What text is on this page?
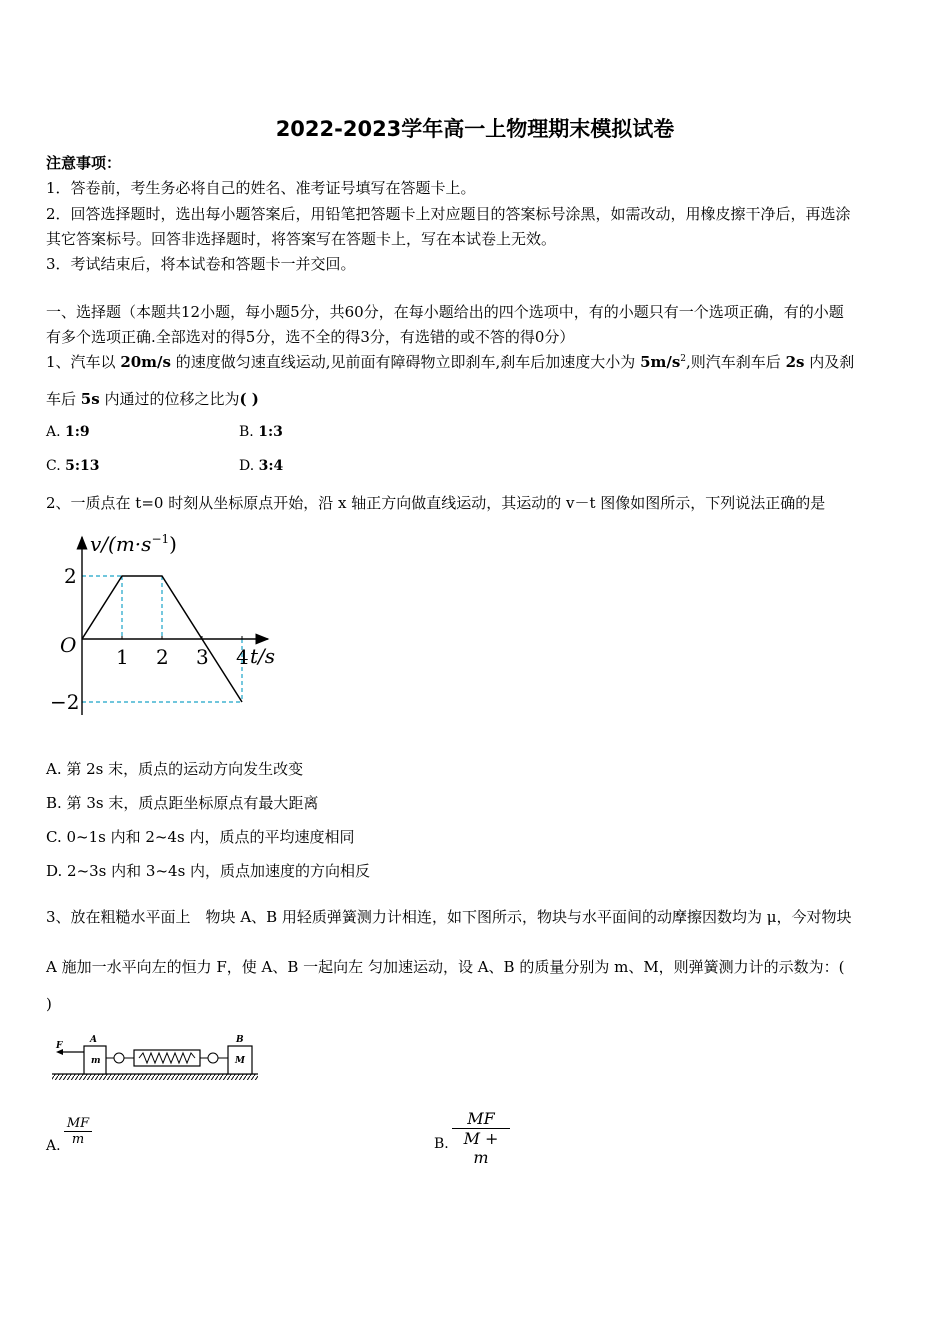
2022-2023学年高一上物理期末模拟试卷
注意事项：
1．答卷前，考生务必将自己的姓名、准考证号填写在答题卡上。
2．回答选择题时，选出每小题答案后，用铅笔把答题卡上对应题目的答案标号涂黑，如需改动，用橡皮擦干净后，再选涂
其它答案标号。回答非选择题时，将答案写在答题卡上，写在本试卷上无效。
3．考试结束后，将本试卷和答题卡一并交回。
一、选择题（本题共12小题，每小题5分，共60分，在每小题给出的四个选项中，有的小题只有一个选项正确，有的小题
有多个选项正确.全部选对的得5分，选不全的得3分，有选错的或不答的得0分）
1、汽车以 20m/s 的速度做匀速直线运动,见前面有障碍物立即刹车,刹车后加速度大小为 $5m/s^2$,则汽车刹车后 2s 内及刹
车后 5s 内通过的位移之比为( )
A. 1:9	B. 1:3
C. 5:13	D. 3:4
2、一质点在 t=0 时刻从坐标原点开始，沿 x 轴正方向做直线运动，其运动的 v－t 图像如图所示，下列说法正确的是
$v/(m\cdot s^{-1})$
O	t/s
1 2 3 4
2
−2
A. 第 2s 末，质点的运动方向发生改变
B. 第 3s 末，质点距坐标原点有最大距离
C. 0~1s 内和 2~4s 内，质点的平均速度相同
D. 2~3s 内和 3~4s 内，质点加速度的方向相反
3、放在粗糙水平面上　物块 A、B 用轻质弹簧测力计相连，如下图所示，物块与水平面间的动摩擦因数均为 μ，今对物块
A 施加一水平向左的恒力 F，使 A、B 一起向左 匀加速运动，设 A、B 的质量分别为 m、M，则弹簧测力计的示数为：(
)
F
A
m
B
M
A.
MF
m	B.
MF
M + m
